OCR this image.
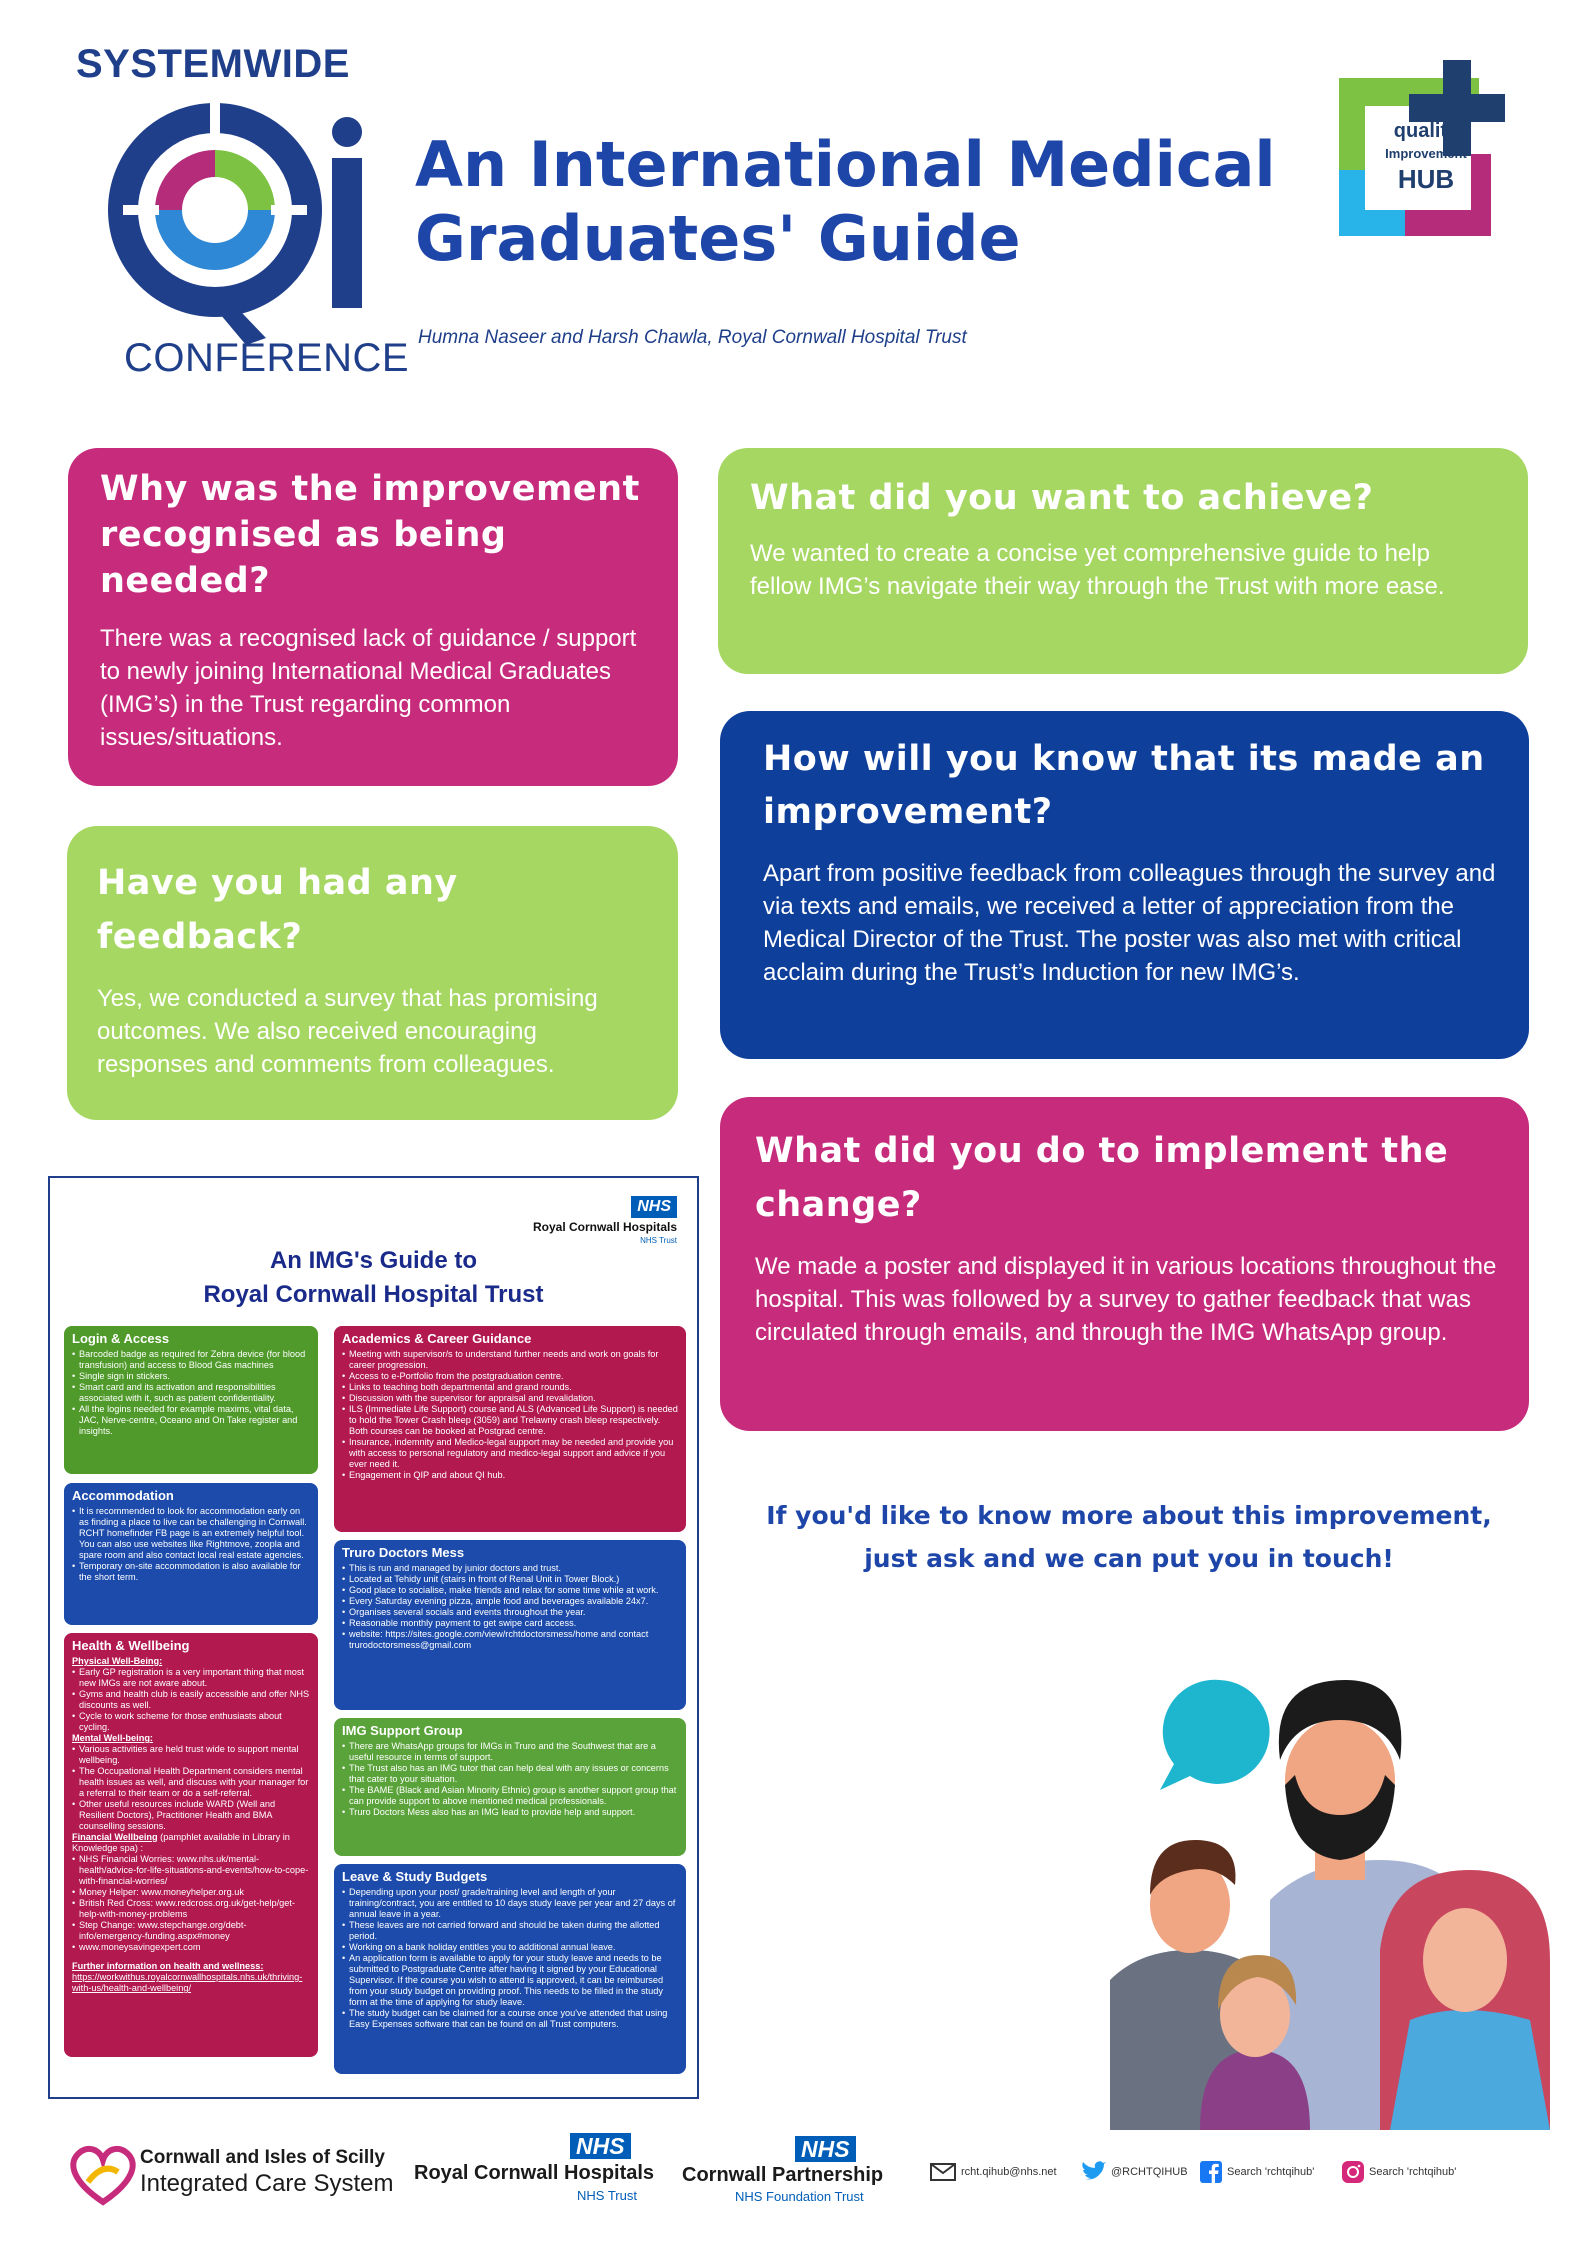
SYSTEMWIDE
CONFERENCE
An International Medical
Graduates' Guide
Humna Naseer and Harsh Chawla, Royal Cornwall Hospital Trust
quality
Improvement
HUB
Why was the improvement recognised as being needed?

There was a recognised lack of guidance / support to newly joining International Medical Graduates (IMG’s) in the Trust regarding common issues/situations.

What did you want to achieve?

We wanted to create a concise yet comprehensive guide to help fellow IMG’s navigate their way through the Trust with more ease.

How will you know that its made an improvement?

Apart from positive feedback from colleagues through the survey and via texts and emails, we received a letter of appreciation from the Medical Director of the Trust. The poster was also met with critical acclaim during the Trust’s Induction for new IMG’s.

Have you had any feedback?

Yes, we conducted a survey that has promising outcomes. We also received encouraging responses and comments from colleagues.

What did you do to implement the change?

We made a poster and displayed it in various locations throughout the hospital. This was followed by a survey to gather feedback that was circulated through emails, and through the IMG WhatsApp group.

If you'd like to know more about this improvement,
just ask and we can put you in touch!
NHS
Royal Cornwall Hospitals
NHS Trust
An IMG's Guide to
Royal Cornwall Hospital Trust
Login & Access
• Barcoded badge as required for Zebra device (for blood transfusion) and access to Blood Gas machines
• Single sign in stickers.
• Smart card and its activation and responsibilities associated with it, such as patient confidentiality.
• All the logins needed for example maxims, vital data, JAC, Nerve-centre, Oceano and On Take register and insights.
Accommodation
• It is recommended to look for accommodation early on as finding a place to live can be challenging in Cornwall. RCHT homefinder FB page is an extremely helpful tool. You can also use websites like Rightmove, zoopla and spare room and also contact local real estate agencies.
• Temporary on-site accommodation is also available for the short term.
Health & Wellbeing
Physical Well-Being:
• Early GP registration is a very important thing that most new IMGs are not aware about.
• Gyms and health club is easily accessible and offer NHS discounts as well.
• Cycle to work scheme for those enthusiasts about cycling.
Mental Well-being:
• Various activities are held trust wide to support mental wellbeing.
• The Occupational Health Department considers mental health issues as well, and discuss with your manager for a referral to their team or do a self-referral.
• Other useful resources include WARD (Well and Resilient Doctors), Practitioner Health and BMA counselling sessions.
Financial Wellbeing (pamphlet available in Library in Knowledge spa) :
• NHS Financial Worries: www.nhs.uk/mental-health/advice-for-life-situations-and-events/how-to-cope-with-financial-worries/
• Money Helper: www.moneyhelper.org.uk
• British Red Cross: www.redcross.org.uk/get-help/get-help-with-money-problems
• Step Change: www.stepchange.org/debt-info/emergency-funding.aspx#money
• www.moneysavingexpert.com
Further information on health and wellness:
https://workwithus.royalcornwallhospitals.nhs.uk/thriving-with-us/health-and-wellbeing/
Academics & Career Guidance
• Meeting with supervisor/s to understand further needs and work on goals for career progression.
• Access to e-Portfolio from the postgraduation centre.
• Links to teaching both departmental and grand rounds.
• Discussion with the supervisor for appraisal and revalidation.
• ILS (Immediate Life Support) course and ALS (Advanced Life Support) is needed to hold the Tower Crash bleep (3059) and Trelawny crash bleep respectively. Both courses can be booked at Postgrad centre.
• Insurance, indemnity and Medico-legal support may be needed and provide you with access to personal regulatory and medico-legal support and advice if you ever need it.
• Engagement in QIP and about QI hub.
Truro Doctors Mess
• This is run and managed by junior doctors and trust.
• Located at Tehidy unit (stairs in front of Renal Unit in Tower Block.)
• Good place to socialise, make friends and relax for some time while at work.
• Every Saturday evening pizza, ample food and beverages available 24x7.
• Organises several socials and events throughout the year.
• Reasonable monthly payment to get swipe card access.
• website: https://sites.google.com/view/rchtdoctorsmess/home and contact trurodoctorsmess@gmail.com
IMG Support Group
• There are WhatsApp groups for IMGs in Truro and the Southwest that are a useful resource in terms of support.
• The Trust also has an IMG tutor that can help deal with any issues or concerns that cater to your situation.
• The BAME (Black and Asian Minority Ethnic) group is another support group that can provide support to above mentioned medical professionals.
• Truro Doctors Mess also has an IMG lead to provide help and support.
Leave & Study Budgets
• Depending upon your post/ grade/training level and length of your training/contract, you are entitled to 10 days study leave per year and 27 days of annual leave in a year.
• These leaves are not carried forward and should be taken during the allotted period.
• Working on a bank holiday entitles you to additional annual leave.
• An application form is available to apply for your study leave and needs to be submitted to Postgraduate Centre after having it signed by your Educational Supervisor. If the course you wish to attend is approved, it can be reimbursed from your study budget on providing proof. This needs to be filled in the study form at the time of applying for study leave.
• The study budget can be claimed for a course once you've attended that using Easy Expenses software that can be found on all Trust computers.
Cornwall and Isles of Scilly
Integrated Care System
NHS
Royal Cornwall Hospitals
NHS Trust
NHS
Cornwall Partnership
NHS Foundation Trust
rcht.qihub@nhs.net	@RCHTQIHUB	Search 'rchtqihub'	Search 'rchtqihub'
